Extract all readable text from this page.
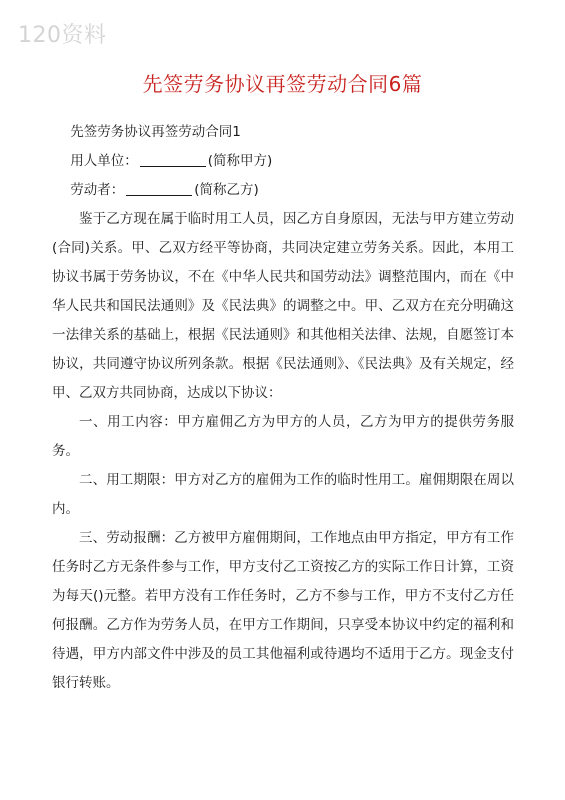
120资料
先签劳务协议再签劳动合同6篇

先签劳务协议再签劳动合同1

用人单位：	(简称甲方)

劳动者：	(简称乙方)

鉴于乙方现在属于临时用工人员，因乙方自身原因，无法与甲方建立劳动(合同)关系。甲、乙双方经平等协商，共同决定建立劳务关系。因此，本用工协议书属于劳务协议，不在《中华人民共和国劳动法》调整范围内，而在《中华人民共和国民法通则》及《民法典》的调整之中。甲、乙双方在充分明确这一法律关系的基础上，根据《民法通则》和其他相关法律、法规，自愿签订本协议，共同遵守协议所列条款。根据《民法通则》、《民法典》及有关规定，经甲、乙双方共同协商，达成以下协议：

一、用工内容：甲方雇佣乙方为甲方的人员，乙方为甲方的提供劳务服务。

二、用工期限：甲方对乙方的雇佣为工作的临时性用工。雇佣期限在周以内。

三、劳动报酬：乙方被甲方雇佣期间，工作地点由甲方指定，甲方有工作任务时乙方无条件参与工作，甲方支付乙工资按乙方的实际工作日计算，工资为每天()元整。若甲方没有工作任务时，乙方不参与工作，甲方不支付乙方任何报酬。乙方作为劳务人员，在甲方工作期间，只享受本协议中约定的福利和待遇，甲方内部文件中涉及的员工其他福利或待遇均不适用于乙方。现金支付银行转账。
